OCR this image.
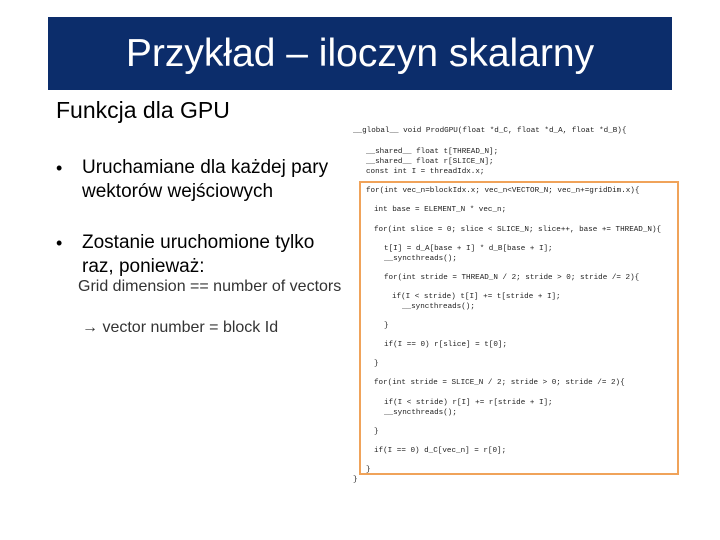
Przykład – iloczyn skalarny
Funkcja dla GPU
• Uruchamiane dla każdej pary
wektorów wejściowych
• Zostanie uruchomione tylko
raz, ponieważ:
Grid dimension == number of vectors
→ vector number = block Id
__global__ void ProdGPU(float *d_C, float *d_A, float *d_B){
__shared__ float t[THREAD_N];
__shared__ float r[SLICE_N];
const int I = threadIdx.x;
for(int vec_n=blockIdx.x; vec_n<VECTOR_N; vec_n+=gridDim.x){
int base = ELEMENT_N * vec_n;
for(int slice = 0; slice < SLICE_N; slice++, base += THREAD_N){
t[I] = d_A[base + I] * d_B[base + I];
__syncthreads();
for(int stride = THREAD_N / 2; stride > 0; stride /= 2){
if(I < stride) t[I] += t[stride + I];
__syncthreads();
}
if(I == 0) r[slice] = t[0];
}
for(int stride = SLICE_N / 2; stride > 0; stride /= 2){
if(I < stride) r[I] += r[stride + I];
__syncthreads();
}
if(I == 0) d_C[vec_n] = r[0];
}
}
